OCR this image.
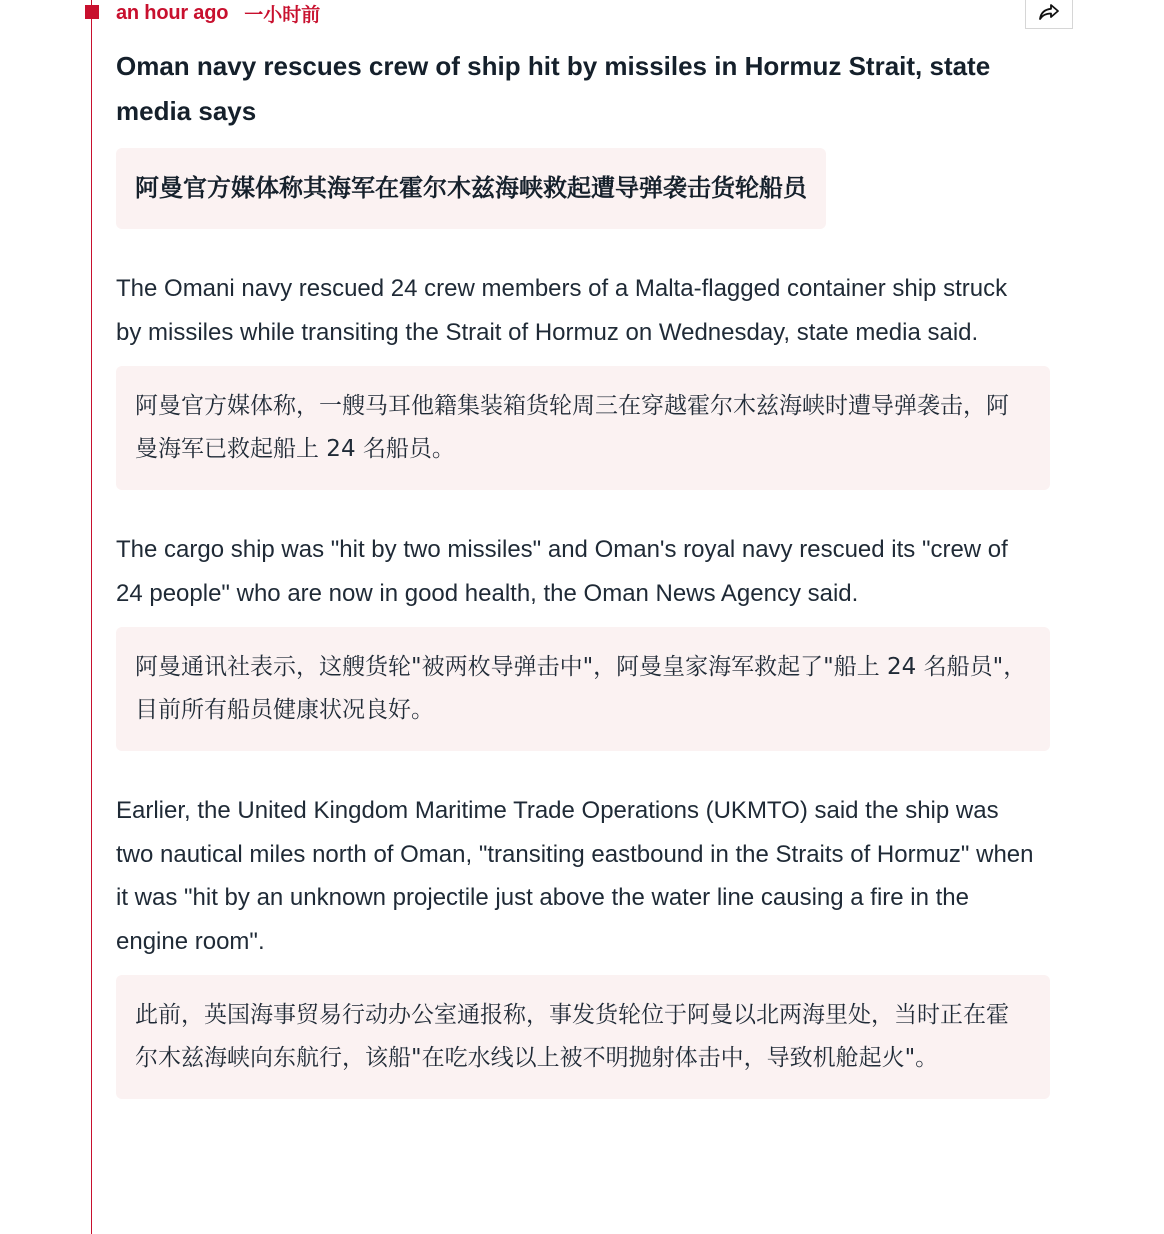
an hour ago 一小时前
Oman navy rescues crew of ship hit by missiles in Hormuz Strait, state media says
阿曼官方媒体称其海军在霍尔木兹海峡救起遭导弹袭击货轮船员

The Omani navy rescued 24 crew members of a Malta-flagged container ship struck by missiles while transiting the Strait of Hormuz on Wednesday, state media said.

阿曼官方媒体称，一艘马耳他籍集装箱货轮周三在穿越霍尔木兹海峡时遭导弹袭击，阿曼海军已救起船上 24 名船员。

The cargo ship was "hit by two missiles" and Oman's royal navy rescued its "crew of 24 people" who are now in good health, the Oman News Agency said.

阿曼通讯社表示，这艘货轮"被两枚导弹击中"，阿曼皇家海军救起了"船上 24 名船员"，目前所有船员健康状况良好。

Earlier, the United Kingdom Maritime Trade Operations (UKMTO) said the ship was two nautical miles north of Oman, "transiting eastbound in the Straits of Hormuz" when it was "hit by an unknown projectile just above the water line causing a fire in the engine room".

此前，英国海事贸易行动办公室通报称，事发货轮位于阿曼以北两海里处，当时正在霍尔木兹海峡向东航行，该船"在吃水线以上被不明抛射体击中，导致机舱起火"。
